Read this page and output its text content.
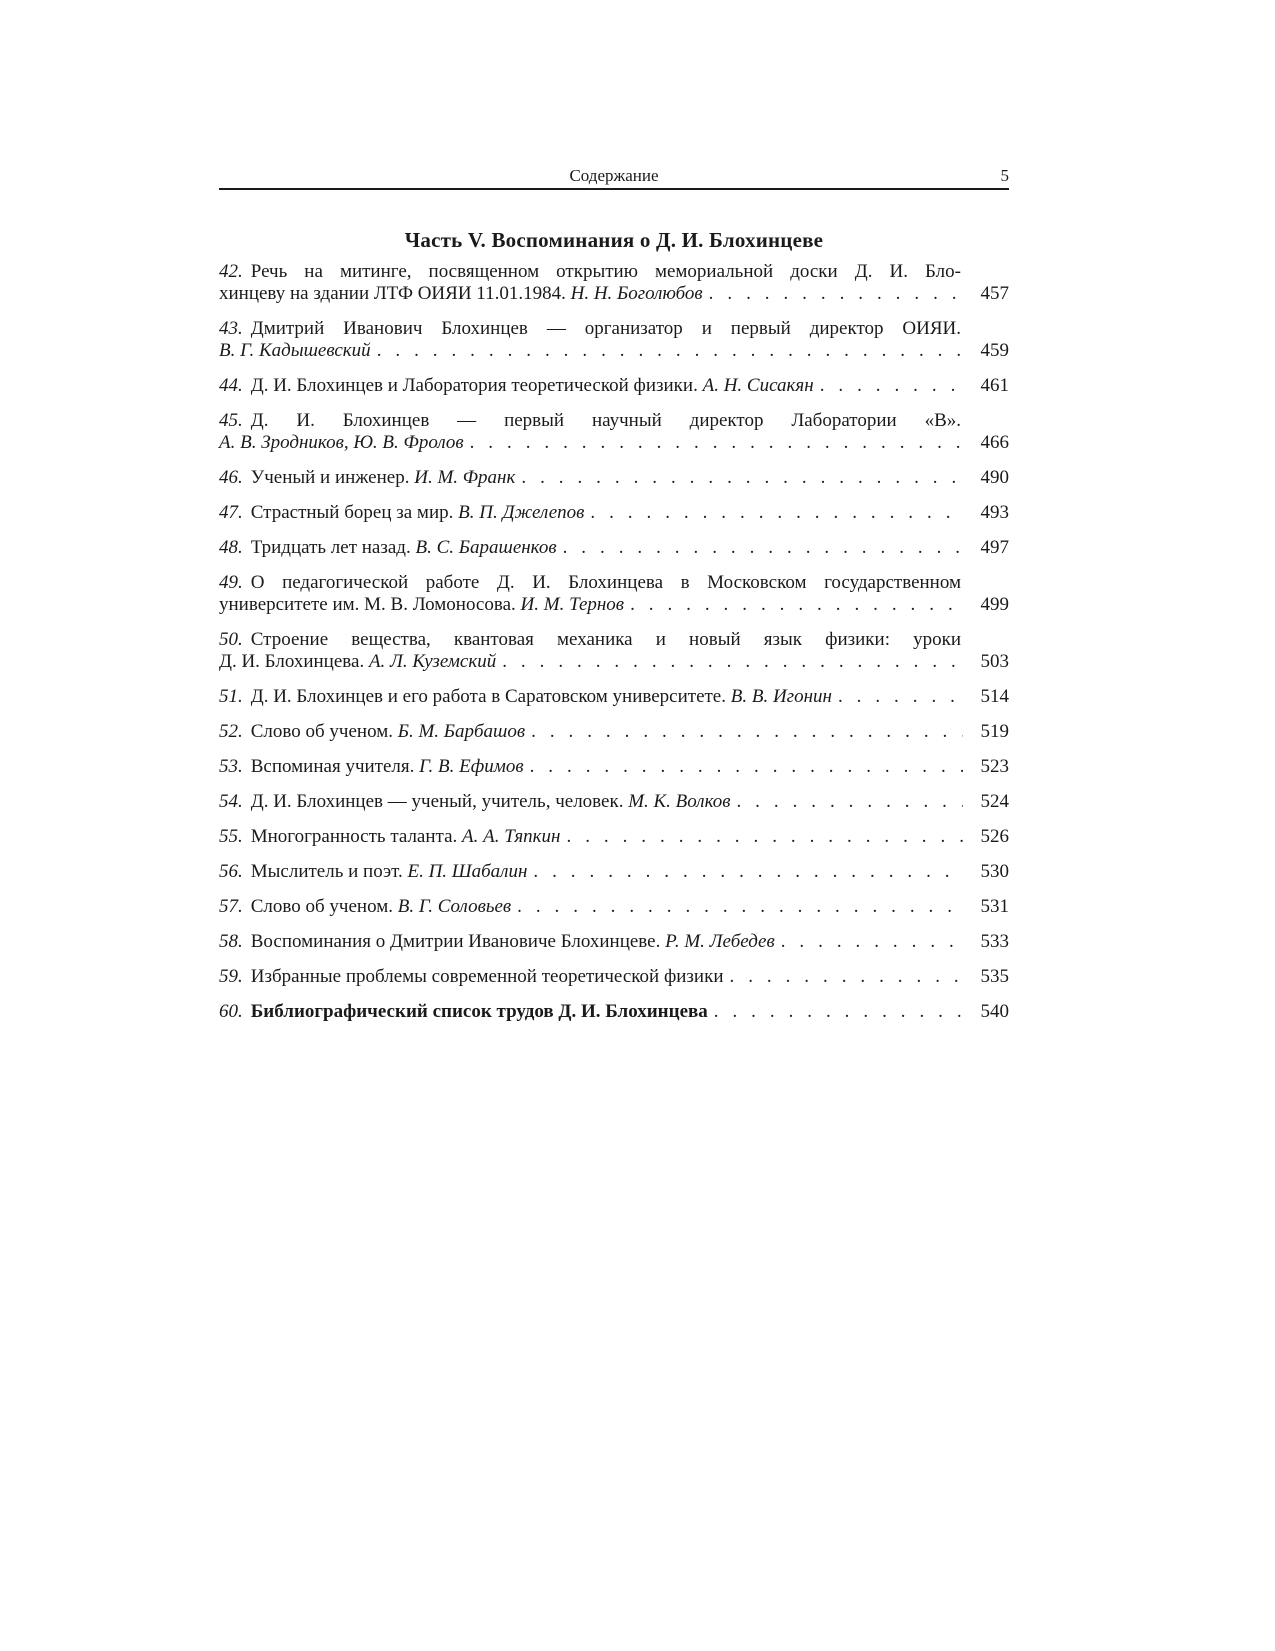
Содержание	5
Часть V. Воспоминания о Д. И. Блохинцеве
42. Речь на митинге, посвященном открытию мемориальной доски Д. И. Бло-
хинцеву на здании ЛТФ ОИЯИ 11.01.1984. Н. Н. Боголюбов . . .	457
43. Дмитрий Иванович Блохинцев — организатор и первый директор ОИЯИ.
В. Г. Кадышевский . . .	459
44. Д. И. Блохинцев и Лаборатория теоретической физики. А. Н. Сисакян . . .	461
45. Д. И. Блохинцев — первый научный директор Лаборатории «В».
А. В. Зродников, Ю. В. Фролов . . .	466
46. Ученый и инженер. И. М. Франк . . .	490
47. Страстный борец за мир. В. П. Джелепов . . .	493
48. Тридцать лет назад. В. С. Барашенков . . .	497
49. О педагогической работе Д. И. Блохинцева в Московском государственном
университете им. М. В. Ломоносова. И. М. Тернов . . .	499
50. Строение вещества, квантовая механика и новый язык физики: уроки
Д. И. Блохинцева. А. Л. Куземский . . .	503
51. Д. И. Блохинцев и его работа в Саратовском университете. В. В. Игонин . . .	514
52. Слово об ученом. Б. М. Барбашов . . .	519
53. Вспоминая учителя. Г. В. Ефимов . . .	523
54. Д. И. Блохинцев — ученый, учитель, человек. М. К. Волков . . .	524
55. Многогранность таланта. А. А. Тяпкин . . .	526
56. Мыслитель и поэт. Е. П. Шабалин . . .	530
57. Слово об ученом. В. Г. Соловьев . . .	531
58. Воспоминания о Дмитрии Ивановиче Блохинцеве. Р. М. Лебедев . . .	533
59. Избранные проблемы современной теоретической физики . . .	535
60. Библиографический список трудов Д. И. Блохинцева . . .	540
